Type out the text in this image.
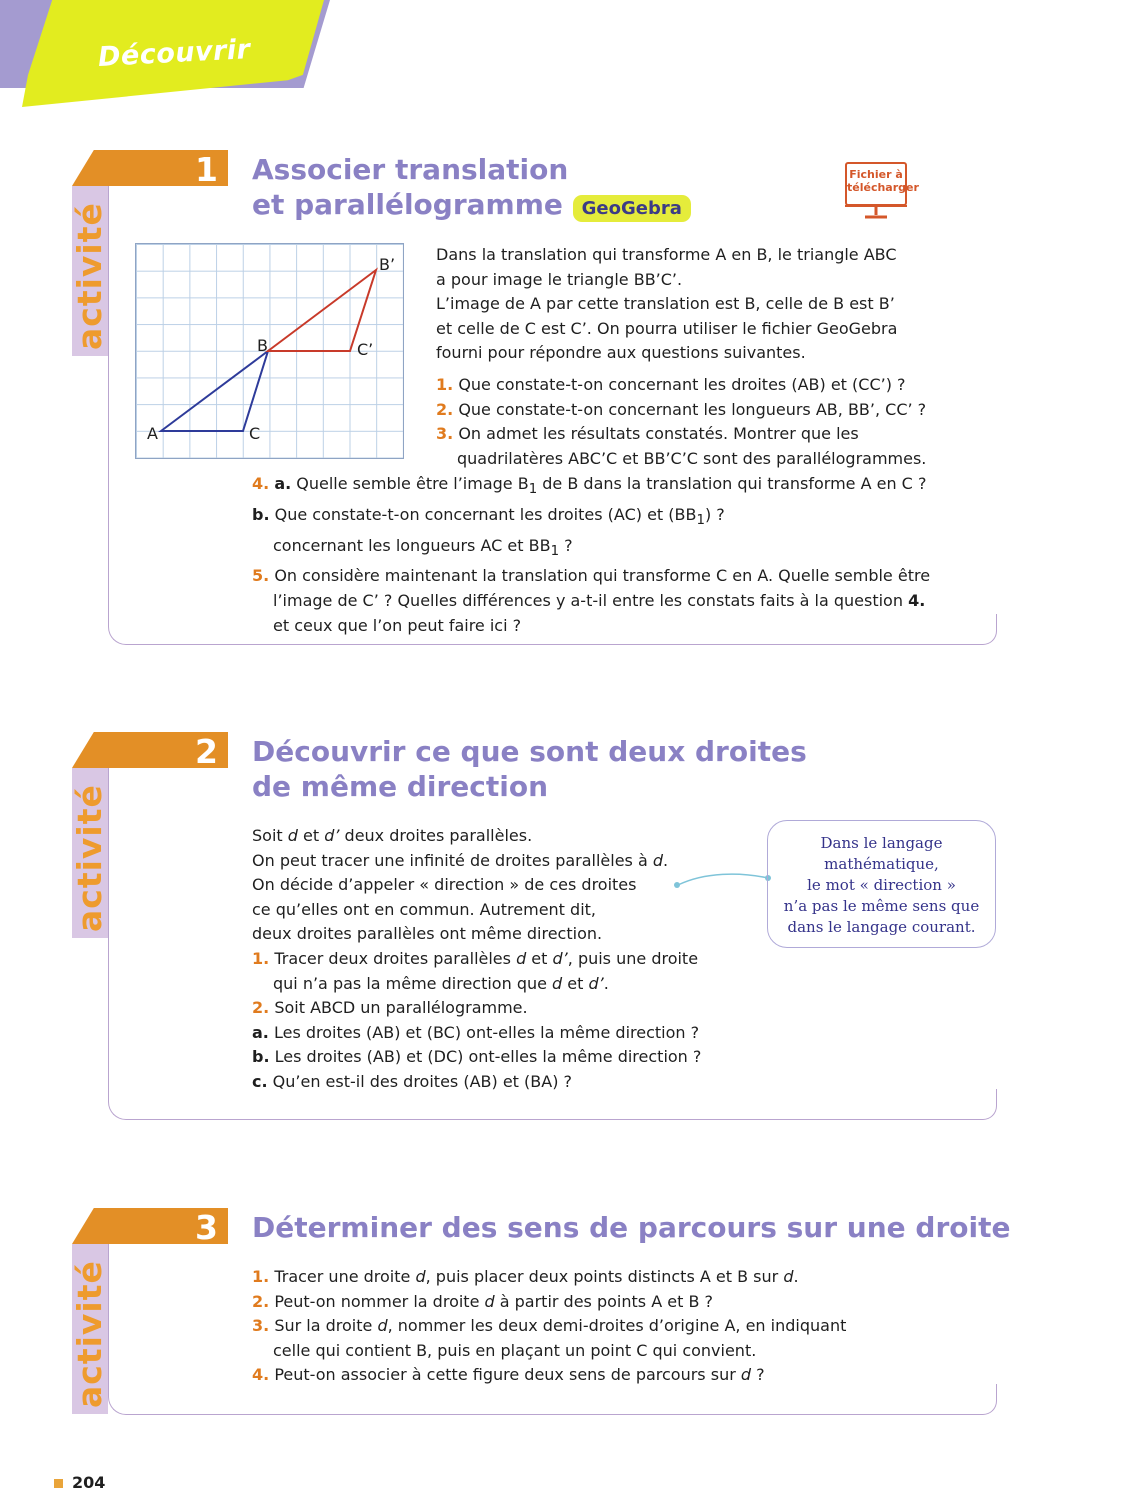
Découvrir
activité
1 Associer translation
et parallélogramme GeoGebra
Fichier à
télécharger
A	C
B	C’
B’

Dans la translation qui transforme A en B, le triangle ABC

a pour image le triangle BB’C’.

L’image de A par cette translation est B, celle de B est B’

et celle de C est C’. On pourra utiliser le fichier GeoGebra

fourni pour répondre aux questions suivantes.

1. Que constate-t-on concernant les droites (AB) et (CC’) ?

2. Que constate-t-on concernant les longueurs AB, BB’, CC’ ?

3. On admet les résultats constatés. Montrer que les

quadrilatères ABC’C et BB’C’C sont des parallélogrammes.

4. a. Quelle semble être l’image $B_1$ de B dans la translation qui transforme A en C ?

b. Que constate-t-on concernant les droites (AC) et $(BB_1)$ ?

concernant les longueurs AC et $BB_1$ ?

5. On considère maintenant la translation qui transforme C en A. Quelle semble être

l’image de C’ ? Quelles différences y a-t-il entre les constats faits à la question 4.

et ceux que l’on peut faire ici ?

activité
2 Découvrir ce que sont deux droites
de même direction

Soit d et d’ deux droites parallèles.

On peut tracer une infinité de droites parallèles à d.

On décide d’appeler « direction » de ces droites

ce qu’elles ont en commun. Autrement dit,

deux droites parallèles ont même direction.

1. Tracer deux droites parallèles d et d’, puis une droite

qui n’a pas la même direction que d et d’.

2. Soit ABCD un parallélogramme.

a. Les droites (AB) et (BC) ont-elles la même direction ?

b. Les droites (AB) et (DC) ont-elles la même direction ?

c. Qu’en est-il des droites (AB) et (BA) ?

Dans le langage
mathématique,
le mot « direction »
n’a pas le même sens que
dans le langage courant.
activité
3 Déterminer des sens de parcours sur une droite

1. Tracer une droite d, puis placer deux points distincts A et B sur d.

2. Peut-on nommer la droite d à partir des points A et B ?

3. Sur la droite d, nommer les deux demi-droites d’origine A, en indiquant

celle qui contient B, puis en plaçant un point C qui convient.

4. Peut-on associer à cette figure deux sens de parcours sur d ?

204
